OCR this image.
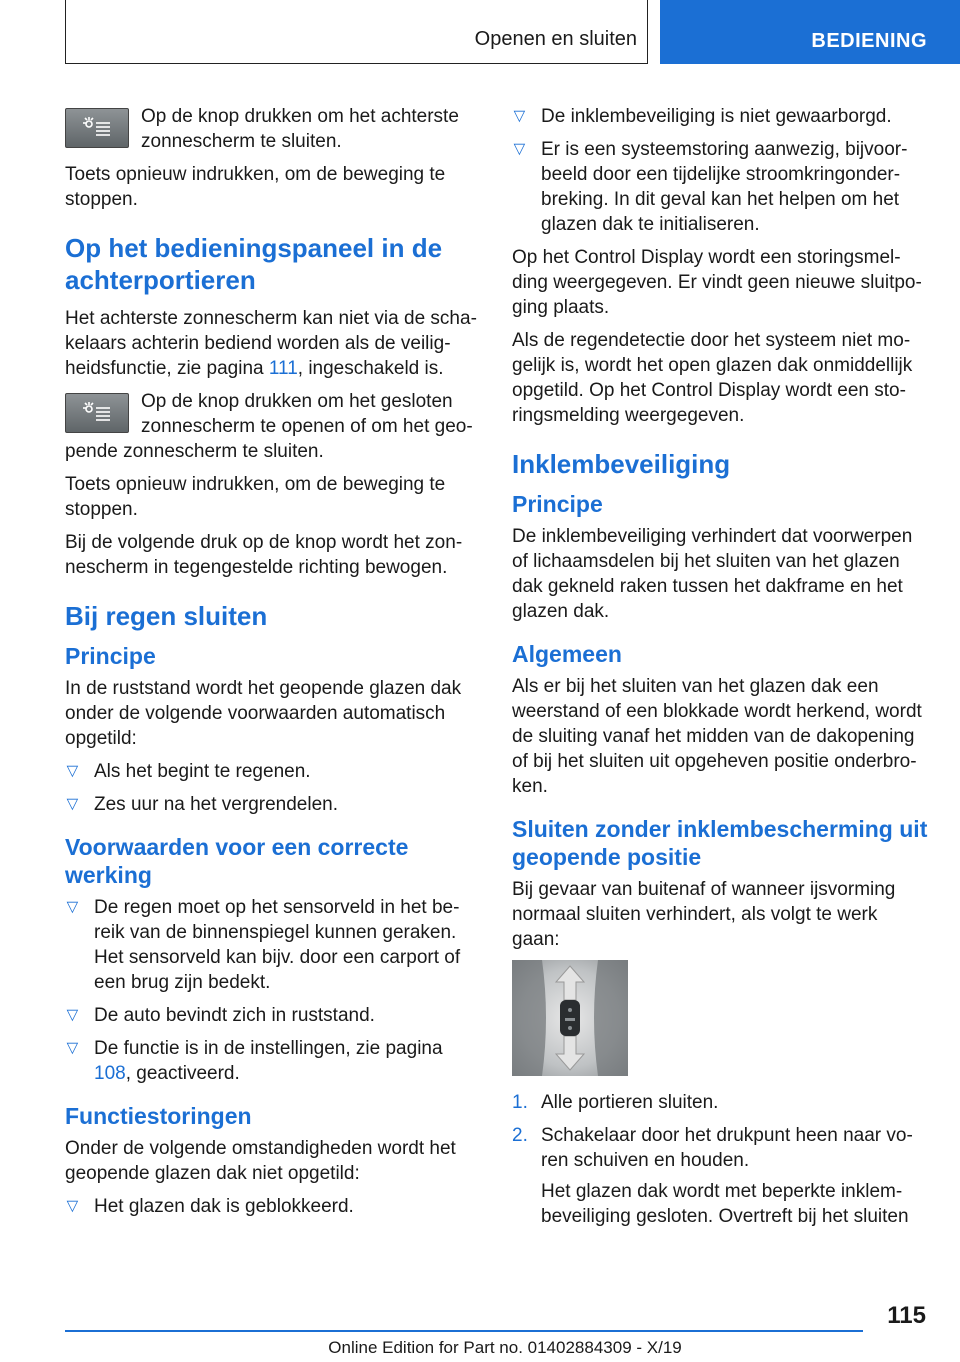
Openen en sluiten	BEDIENING

Op de knop drukken om het achterste zonnescherm te sluiten.

Toets opnieuw indrukken, om de beweging te stoppen.

Op het bedieningspaneel in de achterportieren

Het achterste zonnescherm kan niet via de schakelaars achterin bediend worden als de veiligheidsfunctie, zie pagina 111, ingeschakeld is.

Op de knop drukken om het gesloten zonnescherm te openen of om het geopende zonnescherm te sluiten.

Toets opnieuw indrukken, om de beweging te stoppen.

Bij de volgende druk op de knop wordt het zonnescherm in tegengestelde richting bewogen.

Bij regen sluiten
Principe

In de ruststand wordt het geopende glazen dak onder de volgende voorwaarden automatisch opgetild:

▷ Als het begint te regenen.
▷ Zes uur na het vergrendelen.
Voorwaarden voor een correcte werking
▷ De regen moet op het sensorveld in het bereik van de binnenspiegel kunnen geraken. Het sensorveld kan bijv. door een carport of een brug zijn bedekt.
▷ De auto bevindt zich in ruststand.
▷ De functie is in de instellingen, zie pagina 108, geactiveerd.
Functiestoringen

Onder de volgende omstandigheden wordt het geopende glazen dak niet opgetild:

▷ Het glazen dak is geblokkeerd.
▷ De inklembeveiliging is niet gewaarborgd.
▷ Er is een systeemstoring aanwezig, bijvoorbeeld door een tijdelijke stroomkringonderbreking. In dit geval kan het helpen om het glazen dak te initialiseren.

Op het Control Display wordt een storingsmelding weergegeven. Er vindt geen nieuwe sluitpoging plaats.

Als de regendetectie door het systeem niet mogelijk is, wordt het open glazen dak onmiddellijk opgetild. Op het Control Display wordt een storingsmelding weergegeven.

Inklembeveiliging
Principe

De inklembeveiliging verhindert dat voorwerpen of lichaamsdelen bij het sluiten van het glazen dak gekneld raken tussen het dakframe en het glazen dak.

Algemeen

Als er bij het sluiten van het glazen dak een weerstand of een blokkade wordt herkend, wordt de sluiting vanaf het midden van de dakopening of bij het sluiten uit opgeheven positie onderbroken.

Sluiten zonder inklembescherming uit geopende positie

Bij gevaar van buitenaf of wanneer ijsvorming normaal sluiten verhindert, als volgt te werk gaan:

1. Alle portieren sluiten.
2. Schakelaar door het drukpunt heen naar voren schuiven en houden.

Het glazen dak wordt met beperkte inklembeveiliging gesloten. Overtreft bij het sluiten

115
Online Edition for Part no. 01402884309 - X/19
